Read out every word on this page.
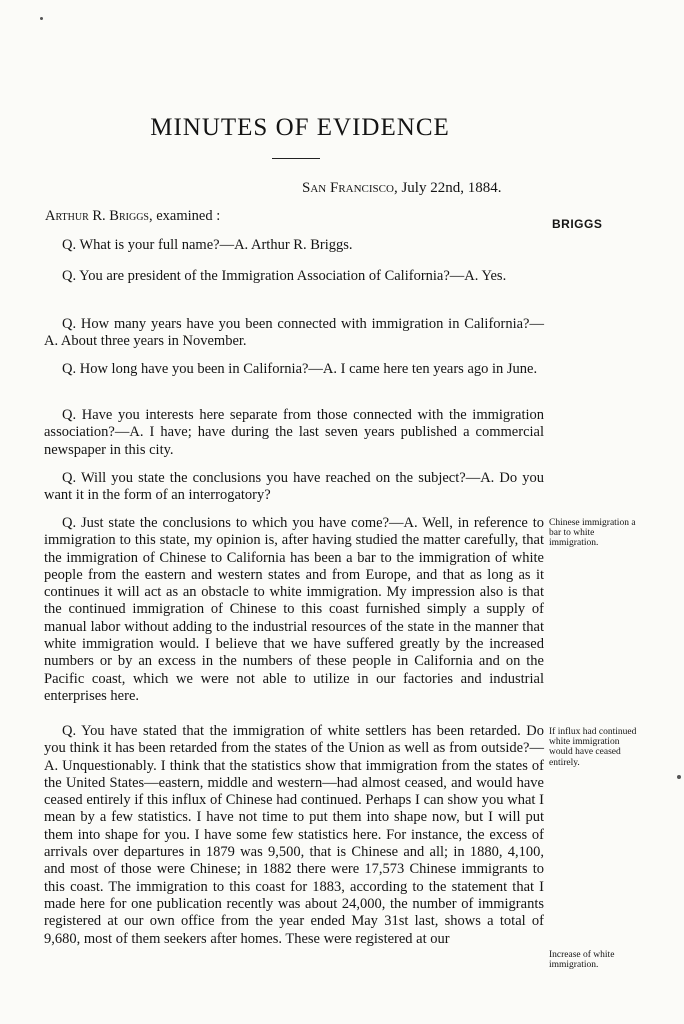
MINUTES OF EVIDENCE
San Francisco, July 22nd, 1884.
Arthur R. Briggs, examined :	BRIGGS

Q. What is your full name?—A. Arthur R. Briggs.

Q. You are president of the Immigration Association of California?—A. Yes.

Q. How many years have you been connected with immigration in California?—A. About three years in November.

Q. How long have you been in California?—A. I came here ten years ago in June.

Q. Have you interests here separate from those connected with the immigration association?—A. I have; have during the last seven years published a commercial newspaper in this city.

Q. Will you state the conclusions you have reached on the subject?—A. Do you want it in the form of an interrogatory?

Q. Just state the conclusions to which you have come?—A. Well, in reference to immigration to this state, my opinion is, after having studied the matter carefully, that the immigration of Chinese to California has been a bar to the immigration of white people from the eastern and western states and from Europe, and that as long as it continues it will act as an obstacle to white immigration. My impression also is that the continued immigration of Chinese to this coast furnished simply a supply of manual labor without adding to the industrial resources of the state in the manner that white immigration would. I believe that we have suffered greatly by the increased numbers or by an excess in the numbers of these people in California and on the Pacific coast, which we were not able to utilize in our factories and industrial enterprises here.

Q. You have stated that the immigration of white settlers has been retarded. Do you think it has been retarded from the states of the Union as well as from outside?—A. Unquestionably. I think that the statistics show that immigration from the states of the United States—eastern, middle and western—had almost ceased, and would have ceased entirely if this influx of Chinese had continued. Perhaps I can show you what I mean by a few statistics. I have not time to put them into shape now, but I will put them into shape for you. I have some few statistics here. For instance, the excess of arrivals over departures in 1879 was 9,500, that is Chinese and all; in 1880, 4,100, and most of those were Chinese; in 1882 there were 17,573 Chinese immigrants to this coast. The immigration to this coast for 1883, according to the statement that I made here for one publication recently was about 24,000, the number of immigrants registered at our own office from the year ended May 31st last, shows a total of 9,680, most of them seekers after homes. These were registered at our

Chinese immigration a bar to white immigration.

If influx had continued white immigration would have ceased entirely.

Increase of white immigration.
